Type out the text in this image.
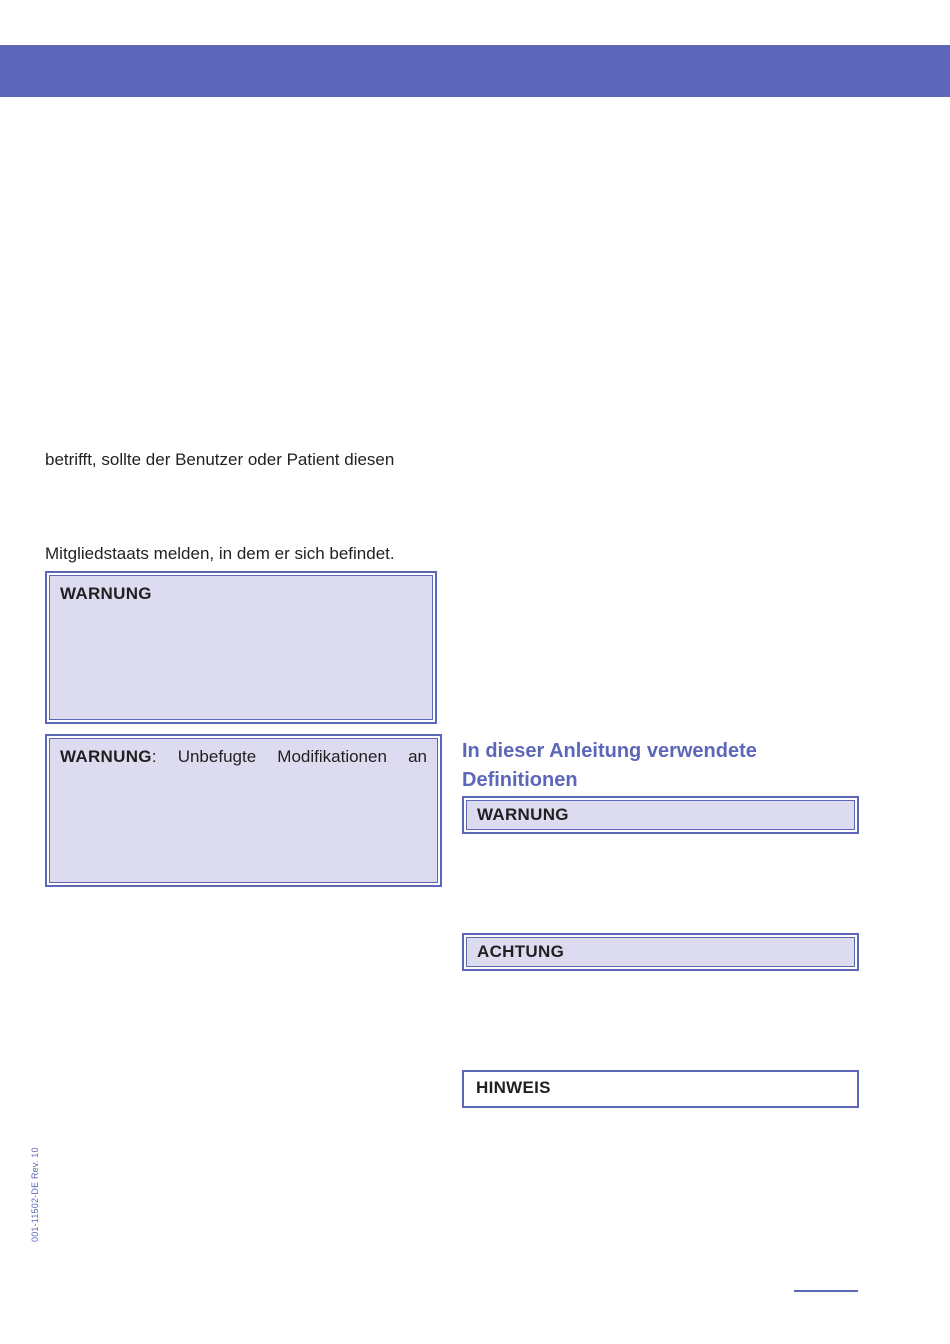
betrifft, sollte der Benutzer oder Patient diesen
Mitgliedstaats melden, in dem er sich befindet.
WARNUNG
WARNUNG: Unbefugte Modifikationen an In dieser Anleitung verwendete Definitionen
WARNUNG
ACHTUNG
HINWEIS
001-11502-DE Rev. 10
